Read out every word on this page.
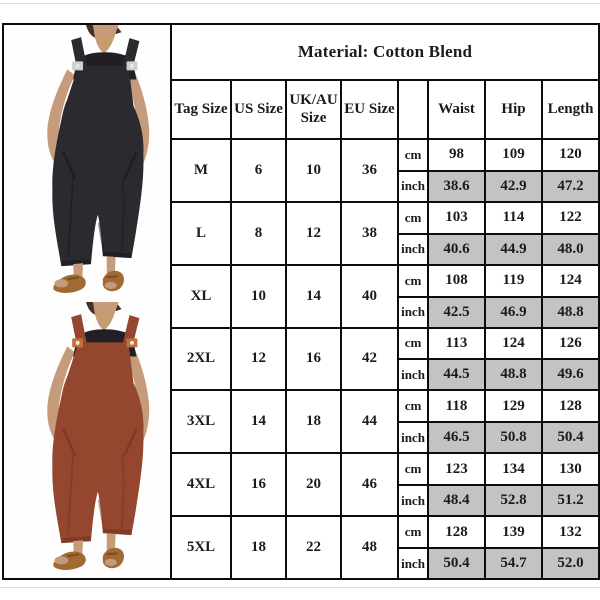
	Material: Cotton Blend							
	Tag Size	US Size	UK/AU Size	EU Size		Waist	Hip	Length
	M	6	10	36	cm	98	109	120
					inch	38.6	42.9	47.2
	L	8	12	38	cm	103	114	122
					inch	40.6	44.9	48.0
	XL	10	14	40	cm	108	119	124
					inch	42.5	46.9	48.8
	2XL	12	16	42	cm	113	124	126
					inch	44.5	48.8	49.6
	3XL	14	18	44	cm	118	129	128
					inch	46.5	50.8	50.4
	4XL	16	20	46	cm	123	134	130
					inch	48.4	52.8	51.2
	5XL	18	22	48	cm	128	139	132
					inch	50.4	54.7	52.0
